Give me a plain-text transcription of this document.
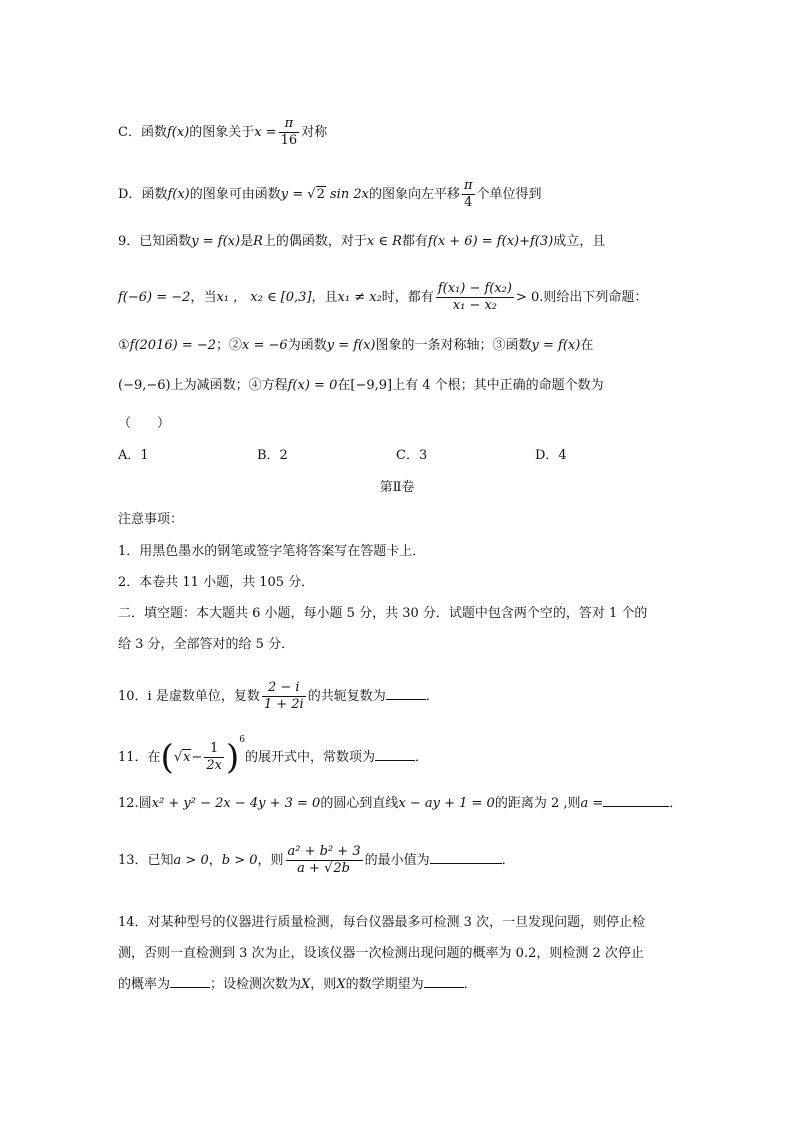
C．函数f(x)的图象关于$x = \frac{\pi}{16}$ 对称
D．函数f(x)的图象可由函数y = √2 sin 2x的图象向左平移 $\frac{\pi}{4}$ 个单位得到
9．已知函数y = f(x)是R上的偶函数，对于x ∈ R都有f(x + 6) = f(x)+f(3)成立，且
f(−6) = −2，当x₁ ， x₂ ∈ [0,3]，且x₁ ≠ x₂时，都有 $\frac{\text{f(x₁) − f(x₂)}}{\text{x₁ − x₂}} > 0$.则给出下列命题：
①f(2016) = −2；②x = −6为函数y = f(x)图象的一条对称轴；③函数y = f(x)在
(−9,−6)上为减函数；④方程f(x) = 0在[−9,9]上有 4 个根；其中正确的命题个数为
（　　）
A．1	B．2	C．3	D．4
第Ⅱ卷
注意事项：
1．用黑色墨水的钢笔或签字笔将答案写在答题卡上．
2．本卷共 11 小题，共 105 分．
二．填空题：本大题共 6 小题，每小题 5 分，共 30 分．试题中包含两个空的，答对 1 个的
给 3 分，全部答对的给 5 分．
10．i 是虚数单位，复数 $\frac{2 - i}{1 + 2i}$ 的共轭复数为	．
11．在$(√x- \frac{1}{2x} )^6$的展开式中，常数项为	．
12.圆x² + y² − 2x − 4y + 3 = 0的圆心到直线x − ay + 1 = 0的距离为 2 ,则a =	．
13．已知a > 0，b > 0，则 $\frac{\text{a² + b² + 3}}{a + √2b}$ 的最小值为	．
14．对某种型号的仪器进行质量检测，每台仪器最多可检测 3 次，一旦发现问题，则停止检
测，否则一直检测到 3 次为止，设该仪器一次检测出现问题的概率为 0.2，则检测 2 次停止
的概率为	；设检测次数为X，则X的数学期望为	．
